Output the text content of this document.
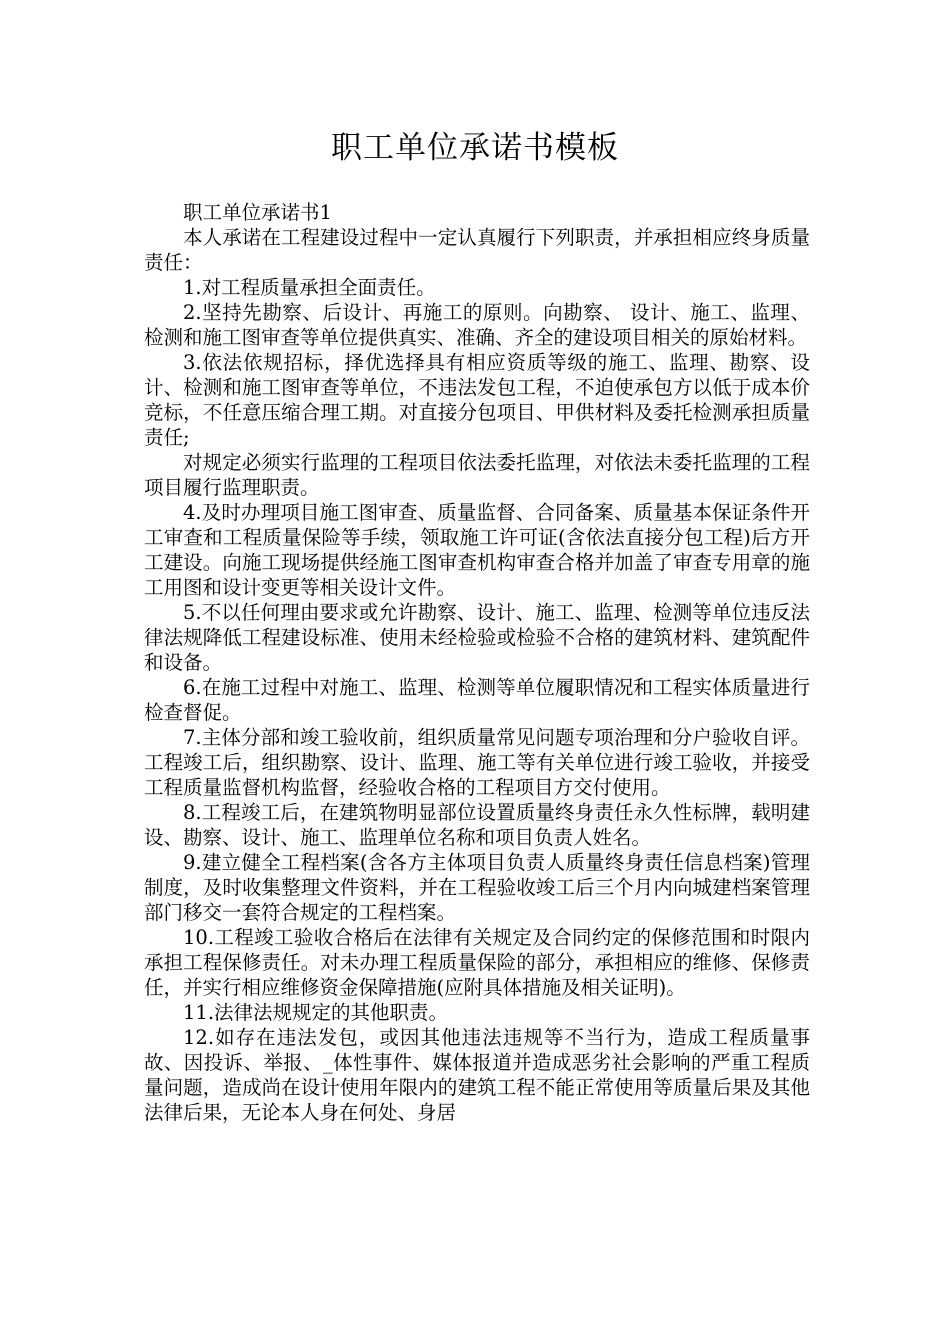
职工单位承诺书模板

职工单位承诺书1

本人承诺在工程建设过程中一定认真履行下列职责，并承担相应终身质量责任：

1.对工程质量承担全面责任。

2.坚持先勘察、后设计、再施工的原则。向勘察、 设计、施工、监理、检测和施工图审查等单位提供真实、准确、齐全的建设项目相关的原始材料。

3.依法依规招标，择优选择具有相应资质等级的施工、监理、勘察、设计、检测和施工图审查等单位，不违法发包工程，不迫使承包方以低于成本价竞标，不任意压缩合理工期。对直接分包项目、甲供材料及委托检测承担质量责任;

对规定必须实行监理的工程项目依法委托监理，对依法未委托监理的工程项目履行监理职责。

4.及时办理项目施工图审查、质量监督、合同备案、质量基本保证条件开工审查和工程质量保险等手续，领取施工许可证(含依法直接分包工程)后方开工建设。向施工现场提供经施工图审查机构审查合格并加盖了审查专用章的施工用图和设计变更等相关设计文件。

5.不以任何理由要求或允许勘察、设计、施工、监理、检测等单位违反法律法规降低工程建设标准、使用未经检验或检验不合格的建筑材料、建筑配件和设备。

6.在施工过程中对施工、监理、检测等单位履职情况和工程实体质量进行检查督促。

7.主体分部和竣工验收前，组织质量常见问题专项治理和分户验收自评。工程竣工后，组织勘察、设计、监理、施工等有关单位进行竣工验收，并接受工程质量监督机构监督，经验收合格的工程项目方交付使用。

8.工程竣工后，在建筑物明显部位设置质量终身责任永久性标牌，载明建设、勘察、设计、施工、监理单位名称和项目负责人姓名。

9.建立健全工程档案(含各方主体项目负责人质量终身责任信息档案)管理制度，及时收集整理文件资料，并在工程验收竣工后三个月内向城建档案管理部门移交一套符合规定的工程档案。

10.工程竣工验收合格后在法律有关规定及合同约定的保修范围和时限内承担工程保修责任。对未办理工程质量保险的部分，承担相应的维修、保修责任，并实行相应维修资金保障措施(应附具体措施及相关证明)。

11.法律法规规定的其他职责。

12.如存在违法发包，或因其他违法违规等不当行为，造成工程质量事故、因投诉、举报、_体性事件、媒体报道并造成恶劣社会影响的严重工程质量问题，造成尚在设计使用年限内的建筑工程不能正常使用等质量后果及其他法律后果，无论本人身在何处、身居
